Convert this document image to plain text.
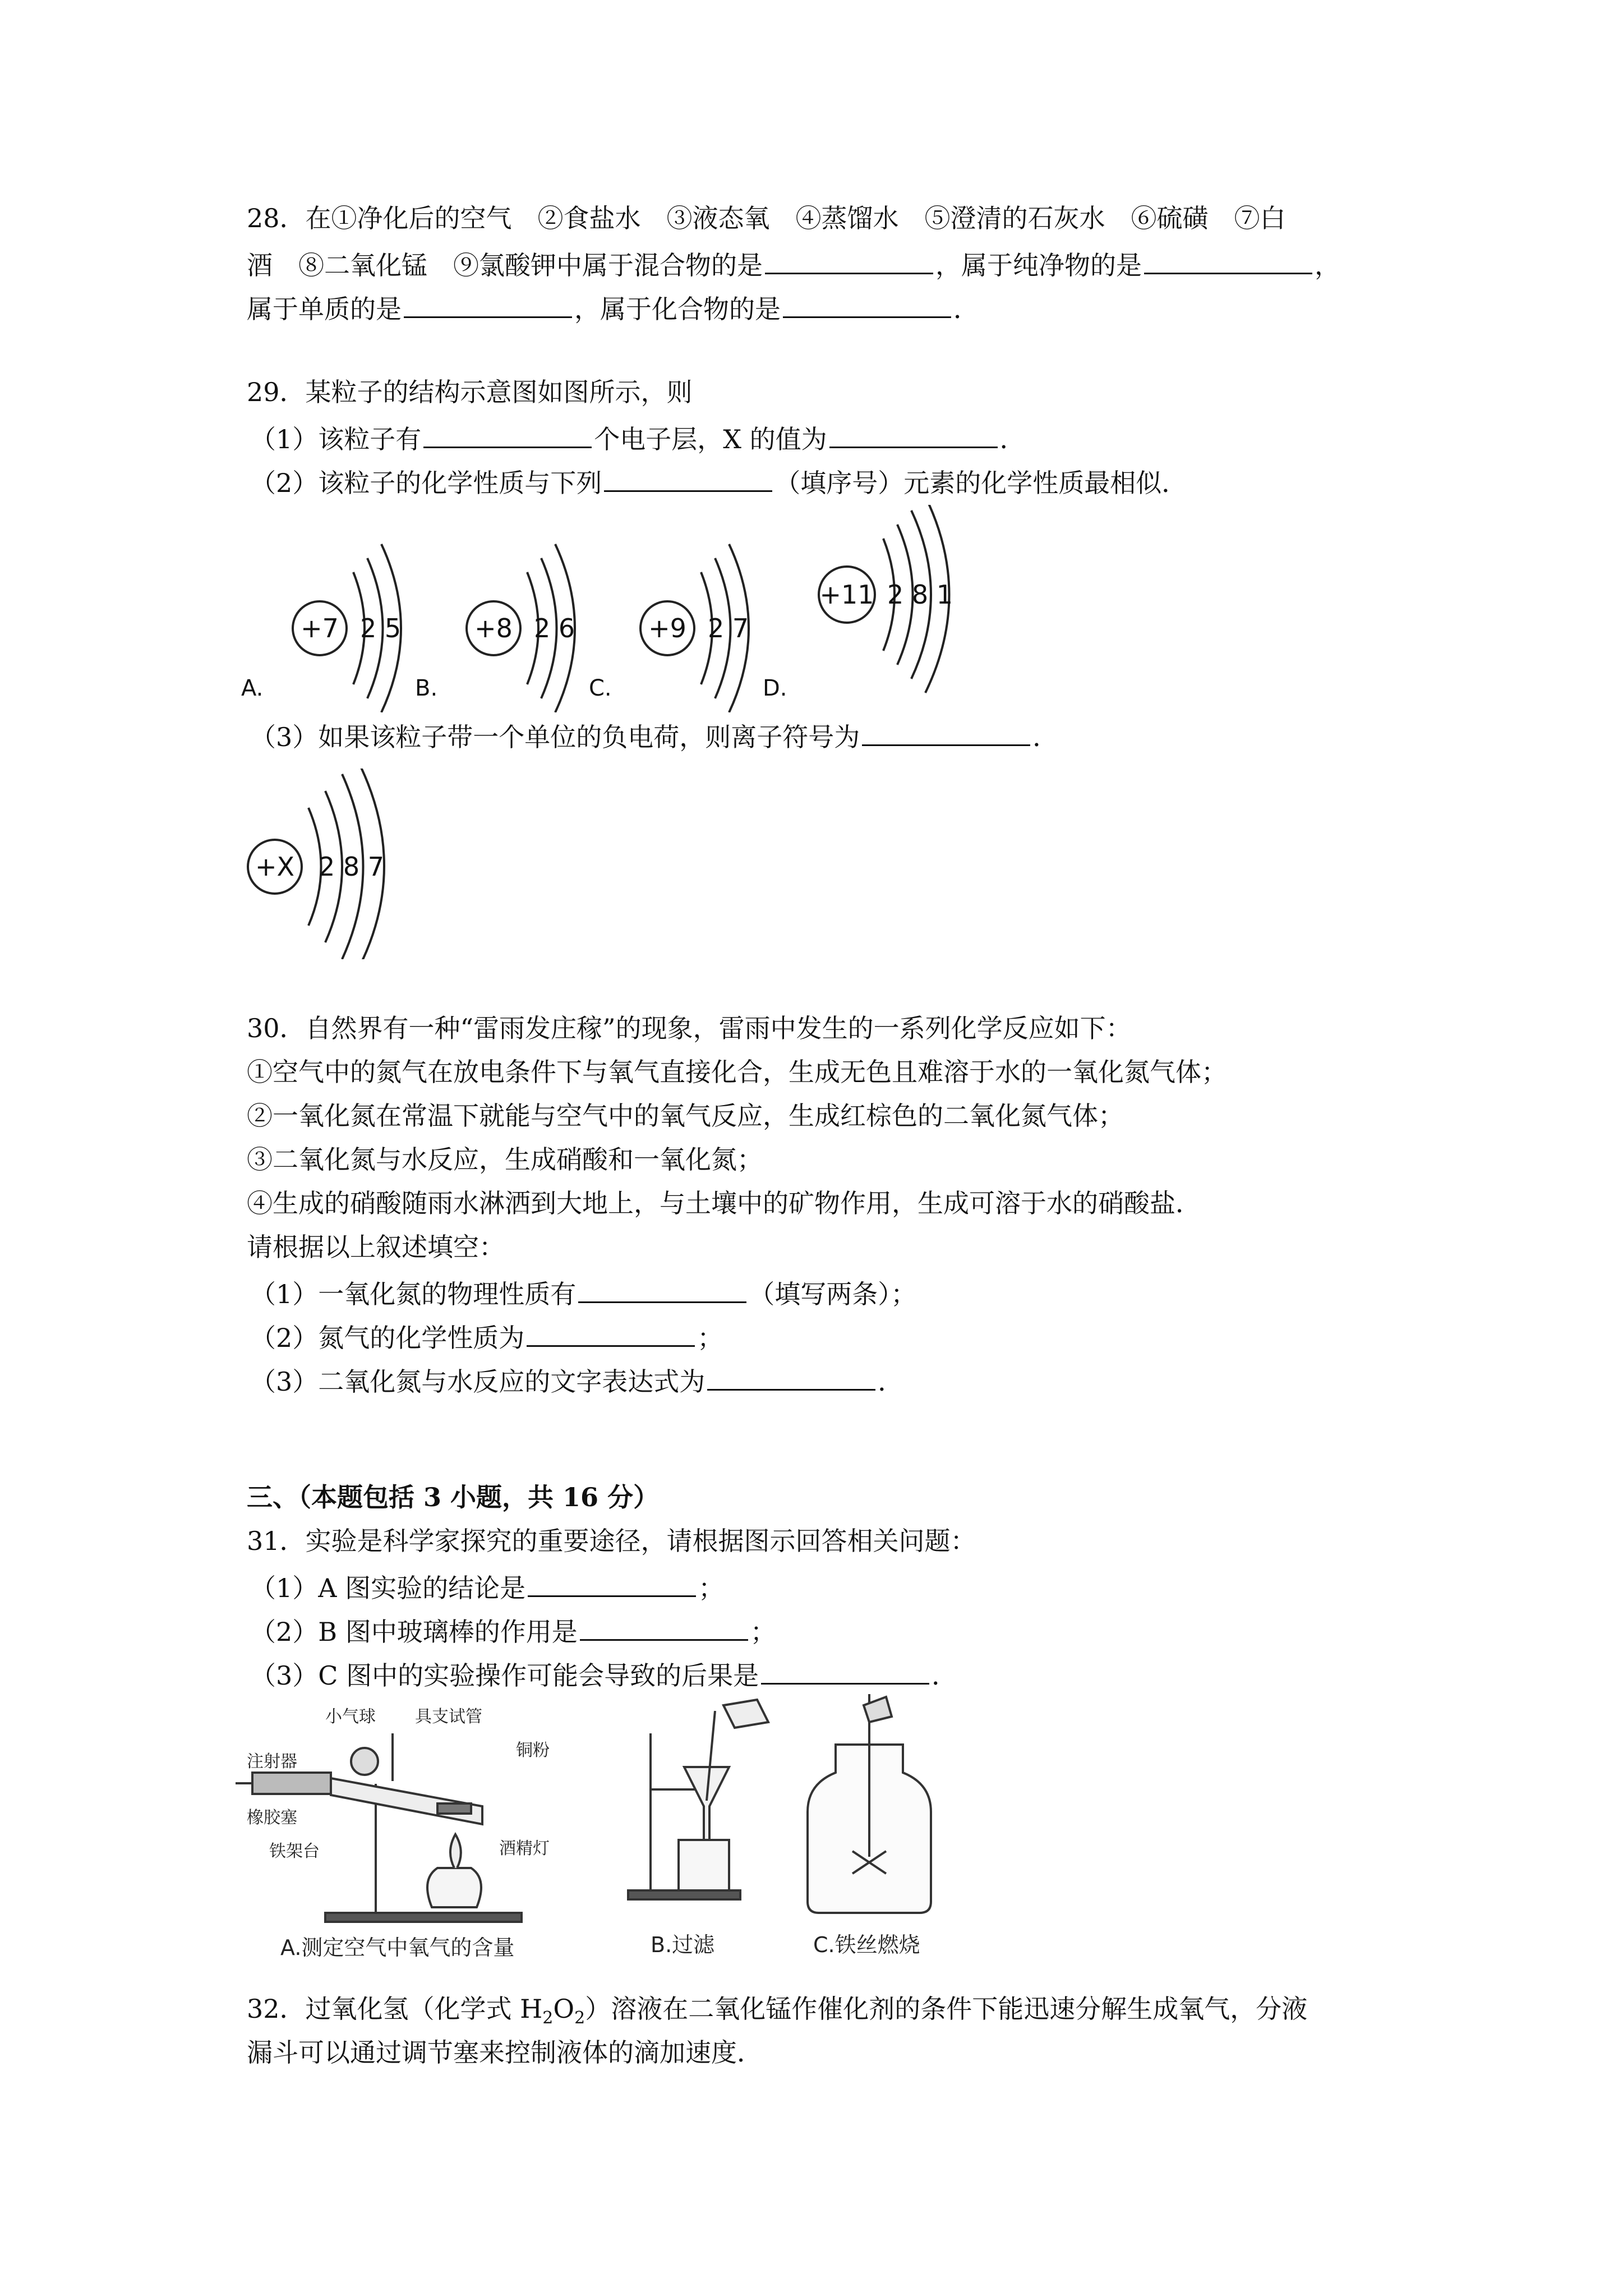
28．在①净化后的空气　②食盐水　③液态氧　④蒸馏水　⑤澄清的石灰水　⑥硫磺　⑦白
酒　⑧二氧化锰　⑨氯酸钾中属于混合物的是	，属于纯净物的是	，
属于单质的是	，属于化合物的是	．
29．某粒子的结构示意图如图所示，则
（1）该粒子有	个电子层，X 的值为	．
（2）该粒子的化学性质与下列	（填序号）元素的化学性质最相似．
+7 2 5
A.
+8 2 6
B.
+9 2 7
C.
+11 2 8 1
D.
（3）如果该粒子带一个单位的负电荷，则离子符号为	．
+X 2 8 7
30．自然界有一种“雷雨发庄稼”的现象，雷雨中发生的一系列化学反应如下：
①空气中的氮气在放电条件下与氧气直接化合，生成无色且难溶于水的一氧化氮气体；
②一氧化氮在常温下就能与空气中的氧气反应，生成红棕色的二氧化氮气体；
③二氧化氮与水反应，生成硝酸和一氧化氮；
④生成的硝酸随雨水淋洒到大地上，与土壤中的矿物作用，生成可溶于水的硝酸盐．
请根据以上叙述填空：
（1）一氧化氮的物理性质有	（填写两条）；
（2）氮气的化学性质为	；
（3）二氧化氮与水反应的文字表达式为	．
三、（本题包括 3 小题，共 16 分）
31．实验是科学家探究的重要途径，请根据图示回答相关问题：
（1）A 图实验的结论是	；
（2）B 图中玻璃棒的作用是	；
（3）C 图中的实验操作可能会导致的后果是	．
注射器
小气球 具支试管
铜粉
橡胶塞
铁架台	酒精灯
A.测定空气中氧气的含量	B.过滤	C.铁丝燃烧
32．过氧化氢（化学式 $H_2O_2$）溶液在二氧化锰作催化剂的条件下能迅速分解生成氧气，分液
漏斗可以通过调节塞来控制液体的滴加速度．
